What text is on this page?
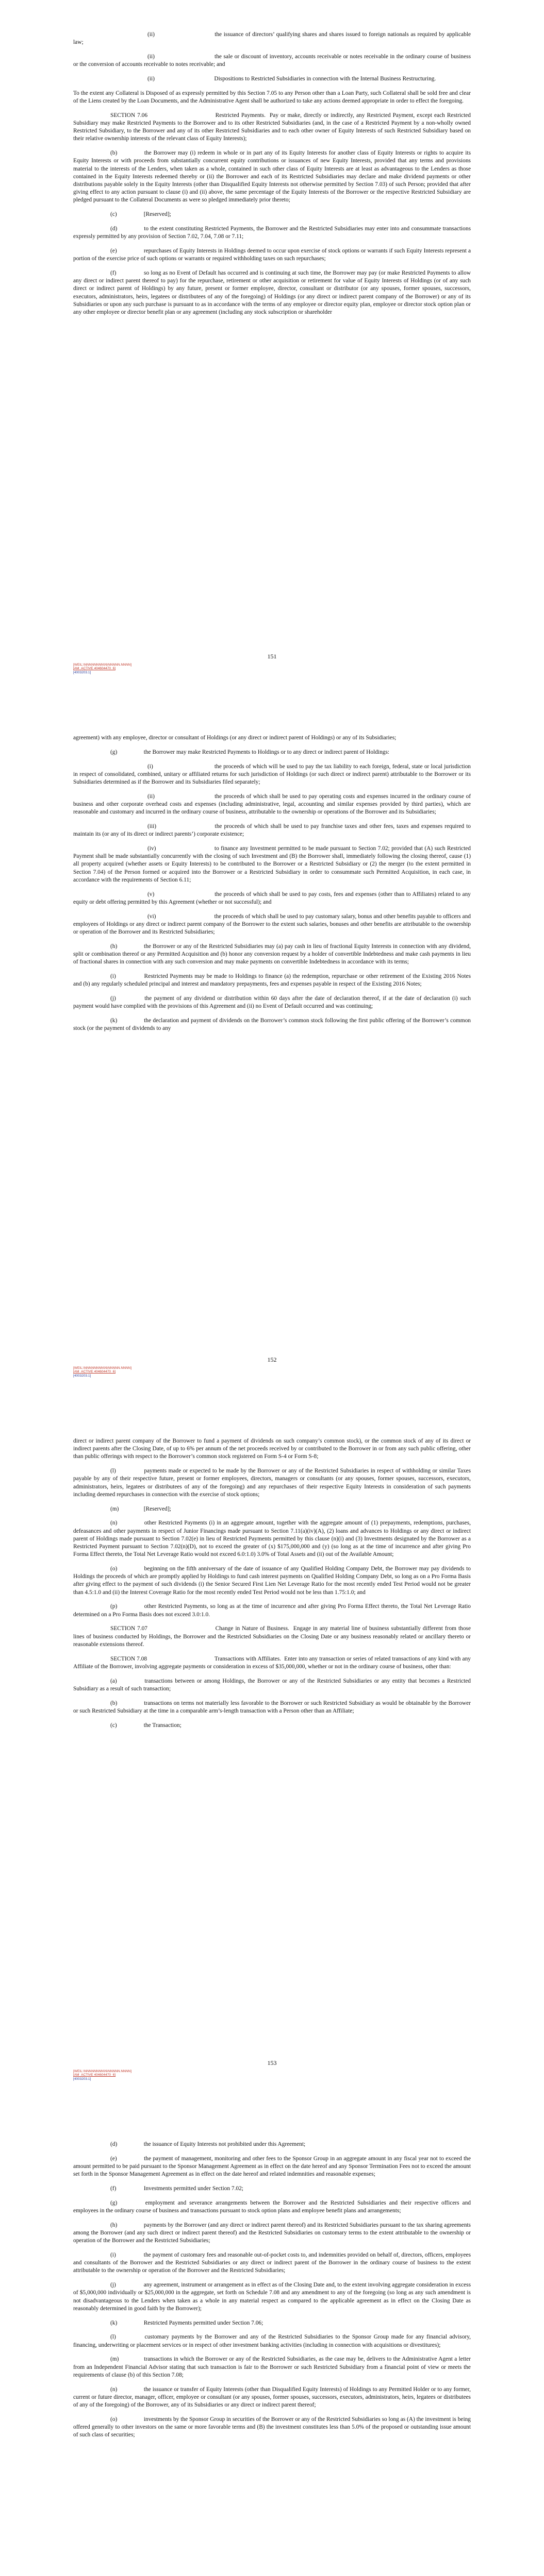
(ii)	the issuance of directors’ qualifying shares and shares issued to foreign nationals as required by applicable law;

(ii)	the sale or discount of inventory, accounts receivable or notes receivable in the ordinary course of business or the conversion of accounts receivable to notes receivable; and

(ii)	Dispositions to Restricted Subsidiaries in connection with the Internal Business Restructuring.

To the extent any Collateral is Disposed of as expressly permitted by this Section 7.05 to any Person other than a Loan Party, such Collateral shall be sold free and clear of the Liens created by the Loan Documents, and the Administrative Agent shall be authorized to take any actions deemed appropriate in order to effect the foregoing.

SECTION 7.06	Restricted Payments.  Pay or make, directly or indirectly, any Restricted Payment, except each Restricted Subsidiary may make Restricted Payments to the Borrower and to its other Restricted Subsidiaries (and, in the case of a Restricted Payment by a non-wholly owned Restricted Subsidiary, to the Borrower and any of its other Restricted Subsidiaries and to each other owner of Equity Interests of such Restricted Subsidiary based on their relative ownership interests of the relevant class of Equity Interests);

(b)	the Borrower may (i) redeem in whole or in part any of its Equity Interests for another class of Equity Interests or rights to acquire its Equity Interests or with proceeds from substantially concurrent equity contributions or issuances of new Equity Interests, provided that any terms and provisions material to the interests of the Lenders, when taken as a whole, contained in such other class of Equity Interests are at least as advantageous to the Lenders as those contained in the Equity Interests redeemed thereby or (ii) the Borrower and each of its Restricted Subsidiaries may declare and make dividend payments or other distributions payable solely in the Equity Interests (other than Disqualified Equity Interests not otherwise permitted by Section 7.03) of such Person; provided that after giving effect to any action pursuant to clause (i) and (ii) above, the same percentage of the Equity Interests of the Borrower or the respective Restricted Subsidiary are pledged pursuant to the Collateral Documents as were so pledged immediately prior thereto;

(c)	[Reserved];

(d)	to the extent constituting Restricted Payments, the Borrower and the Restricted Subsidiaries may enter into and consummate transactions expressly permitted by any provision of Section 7.02, 7.04, 7.08 or 7.11;

(e)	repurchases of Equity Interests in Holdings deemed to occur upon exercise of stock options or warrants if such Equity Interests represent a portion of the exercise price of such options or warrants or required withholding taxes on such repurchases;

(f)	so long as no Event of Default has occurred and is continuing at such time, the Borrower may pay (or make Restricted Payments to allow any direct or indirect parent thereof to pay) for the repurchase, retirement or other acquisition or retirement for value of Equity Interests of Holdings (or of any such direct or indirect parent of Holdings) by any future, present or former employee, director, consultant or distributor (or any spouses, former spouses, successors, executors, administrators, heirs, legatees or distributees of any of the foregoing) of Holdings (or any direct or indirect parent company of the Borrower) or any of its Subsidiaries or upon any such purchase is pursuant to as in accordance with the terms of any employee or director equity plan, employee or director stock option plan or any other employee or director benefit plan or any agreement (including any stock subscription or shareholder

151
[WEIL:\NNNNNNNN\N\NNNNN.NNNN]
[AM_ACTIVE 404604470_6]
[4003203.1]

agreement) with any employee, director or consultant of Holdings (or any direct or indirect parent of Holdings) or any of its Subsidiaries;

(g)	the Borrower may make Restricted Payments to Holdings or to any direct or indirect parent of Holdings:

(i)	the proceeds of which will be used to pay the tax liability to each foreign, federal, state or local jurisdiction in respect of consolidated, combined, unitary or affiliated returns for such jurisdiction of Holdings (or such direct or indirect parent) attributable to the Borrower or its Subsidiaries determined as if the Borrower and its Subsidiaries filed separately;

(ii)	the proceeds of which shall be used to pay operating costs and expenses incurred in the ordinary course of business and other corporate overhead costs and expenses (including administrative, legal, accounting and similar expenses provided by third parties), which are reasonable and customary and incurred in the ordinary course of business, attributable to the ownership or operations of the Borrower and its Subsidiaries;

(iii)	the proceeds of which shall be used to pay franchise taxes and other fees, taxes and expenses required to maintain its (or any of its direct or indirect parents’) corporate existence;

(iv)	to finance any Investment permitted to be made pursuant to Section 7.02; provided that (A) such Restricted Payment shall be made substantially concurrently with the closing of such Investment and (B) the Borrower shall, immediately following the closing thereof, cause (1) all property acquired (whether assets or Equity Interests) to be contributed to the Borrower or a Restricted Subsidiary or (2) the merger (to the extent permitted in Section 7.04) of the Person formed or acquired into the Borrower or a Restricted Subsidiary in order to consummate such Permitted Acquisition, in each case, in accordance with the requirements of Section 6.11;

(v)	the proceeds of which shall be used to pay costs, fees and expenses (other than to Affiliates) related to any equity or debt offering permitted by this Agreement (whether or not successful); and

(vi)	the proceeds of which shall be used to pay customary salary, bonus and other benefits payable to officers and employees of Holdings or any direct or indirect parent company of the Borrower to the extent such salaries, bonuses and other benefits are attributable to the ownership or operation of the Borrower and its Restricted Subsidiaries;

(h)	the Borrower or any of the Restricted Subsidiaries may (a) pay cash in lieu of fractional Equity Interests in connection with any dividend, split or combination thereof or any Permitted Acquisition and (b) honor any conversion request by a holder of convertible Indebtedness and make cash payments in lieu of fractional shares in connection with any such conversion and may make payments on convertible Indebtedness in accordance with its terms;

(i)	Restricted Payments may be made to Holdings to finance (a) the redemption, repurchase or other retirement of the Existing 2016 Notes and (b) any regularly scheduled principal and interest and mandatory prepayments, fees and expenses payable in respect of the Existing 2016 Notes;

(j)	the payment of any dividend or distribution within 60 days after the date of declaration thereof, if at the date of declaration (i) such payment would have complied with the provisions of this Agreement and (ii) no Event of Default occurred and was continuing;

(k)	the declaration and payment of dividends on the Borrower’s common stock following the first public offering of the Borrower’s common stock (or the payment of dividends to any

152
[WEIL:\NNNNNNNN\N\NNNNN.NNNN]
[AM_ACTIVE 404604470_6]
[4003203.1]

direct or indirect parent company of the Borrower to fund a payment of dividends on such company’s common stock), or the common stock of any of its direct or indirect parents after the Closing Date, of up to 6% per annum of the net proceeds received by or contributed to the Borrower in or from any such public offering, other than public offerings with respect to the Borrower’s common stock registered on Form S-4 or Form S-8;

(l)	payments made or expected to be made by the Borrower or any of the Restricted Subsidiaries in respect of withholding or similar Taxes payable by any of their respective future, present or former employees, directors, managers or consultants (or any spouses, former spouses, successors, executors, administrators, heirs, legatees or distributees of any of the foregoing) and any repurchases of their respective Equity Interests in consideration of such payments including deemed repurchases in connection with the exercise of stock options;

(m)	[Reserved];

(n)	other Restricted Payments (i) in an aggregate amount, together with the aggregate amount of (1) prepayments, redemptions, purchases, defeasances and other payments in respect of Junior Financings made pursuant to Section 7.11(a)(iv)(A), (2) loans and advances to Holdings or any direct or indirect parent of Holdings made pursuant to Section 7.02(e) in lieu of Restricted Payments permitted by this clause (n)(i) and (3) Investments designated by the Borrower as a Restricted Payment pursuant to Section 7.02(n)(D), not to exceed the greater of (x) $175,000,000 and (y) (so long as at the time of incurrence and after giving Pro Forma Effect thereto, the Total Net Leverage Ratio would not exceed 6.0:1.0) 3.0% of Total Assets and (ii) out of the Available Amount;

(o)	beginning on the fifth anniversary of the date of issuance of any Qualified Holding Company Debt, the Borrower may pay dividends to Holdings the proceeds of which are promptly applied by Holdings to fund cash interest payments on Qualified Holding Company Debt, so long as on a Pro Forma Basis after giving effect to the payment of such dividends (i) the Senior Secured First Lien Net Leverage Ratio for the most recently ended Test Period would not be greater than 4.5:1.0 and (ii) the Interest Coverage Ratio for the most recently ended Test Period would not be less than 1.75:1.0; and

(p)	other Restricted Payments, so long as at the time of incurrence and after giving Pro Forma Effect thereto, the Total Net Leverage Ratio determined on a Pro Forma Basis does not exceed 3.0:1.0.

SECTION 7.07	Change in Nature of Business.  Engage in any material line of business substantially different from those lines of business conducted by Holdings, the Borrower and the Restricted Subsidiaries on the Closing Date or any business reasonably related or ancillary thereto or reasonable extensions thereof.

SECTION 7.08	Transactions with Affiliates.  Enter into any transaction or series of related transactions of any kind with any Affiliate of the Borrower, involving aggregate payments or consideration in excess of $35,000,000, whether or not in the ordinary course of business, other than:

(a)	transactions between or among Holdings, the Borrower or any of the Restricted Subsidiaries or any entity that becomes a Restricted Subsidiary as a result of such transaction;

(b)	transactions on terms not materially less favorable to the Borrower or such Restricted Subsidiary as would be obtainable by the Borrower or such Restricted Subsidiary at the time in a comparable arm’s-length transaction with a Person other than an Affiliate;

(c)	the Transaction;

153
[WEIL:\NNNNNNNN\N\NNNNN.NNNN]
[AM_ACTIVE 404604470_6]
[4003203.1]

(d)	the issuance of Equity Interests not prohibited under this Agreement;

(e)	the payment of management, monitoring and other fees to the Sponsor Group in an aggregate amount in any fiscal year not to exceed the amount permitted to be paid pursuant to the Sponsor Management Agreement as in effect on the date hereof and any Sponsor Termination Fees not to exceed the amount set forth in the Sponsor Management Agreement as in effect on the date hereof and related indemnities and reasonable expenses;

(f)	Investments permitted under Section 7.02;

(g)	employment and severance arrangements between the Borrower and the Restricted Subsidiaries and their respective officers and employees in the ordinary course of business and transactions pursuant to stock option plans and employee benefit plans and arrangements;

(h)	payments by the Borrower (and any direct or indirect parent thereof) and its Restricted Subsidiaries pursuant to the tax sharing agreements among the Borrower (and any such direct or indirect parent thereof) and the Restricted Subsidiaries on customary terms to the extent attributable to the ownership or operation of the Borrower and the Restricted Subsidiaries;

(i)	the payment of customary fees and reasonable out-of-pocket costs to, and indemnities provided on behalf of, directors, officers, employees and consultants of the Borrower and the Restricted Subsidiaries or any direct or indirect parent of the Borrower in the ordinary course of business to the extent attributable to the ownership or operation of the Borrower and the Restricted Subsidiaries;

(j)	any agreement, instrument or arrangement as in effect as of the Closing Date and, to the extent involving aggregate consideration in excess of $5,000,000 individually or $25,000,000 in the aggregate, set forth on Schedule 7.08 and any amendment to any of the foregoing (so long as any such amendment is not disadvantageous to the Lenders when taken as a whole in any material respect as compared to the applicable agreement as in effect on the Closing Date as reasonably determined in good faith by the Borrower);

(k)	Restricted Payments permitted under Section 7.06;

(l)	customary payments by the Borrower and any of the Restricted Subsidiaries to the Sponsor Group made for any financial advisory, financing, underwriting or placement services or in respect of other investment banking activities (including in connection with acquisitions or divestitures);

(m)	transactions in which the Borrower or any of the Restricted Subsidiaries, as the case may be, delivers to the Administrative Agent a letter from an Independent Financial Advisor stating that such transaction is fair to the Borrower or such Restricted Subsidiary from a financial point of view or meets the requirements of clause (b) of this Section 7.08;

(n)	the issuance or transfer of Equity Interests (other than Disqualified Equity Interests) of Holdings to any Permitted Holder or to any former, current or future director, manager, officer, employee or consultant (or any spouses, former spouses, successors, executors, administrators, heirs, legatees or distributees of any of the foregoing) of the Borrower, any of its Subsidiaries or any direct or indirect parent thereof;

(o)	investments by the Sponsor Group in securities of the Borrower or any of the Restricted Subsidiaries so long as (A) the investment is being offered generally to other investors on the same or more favorable terms and (B) the investment constitutes less than 5.0% of the proposed or outstanding issue amount of such class of securities;
